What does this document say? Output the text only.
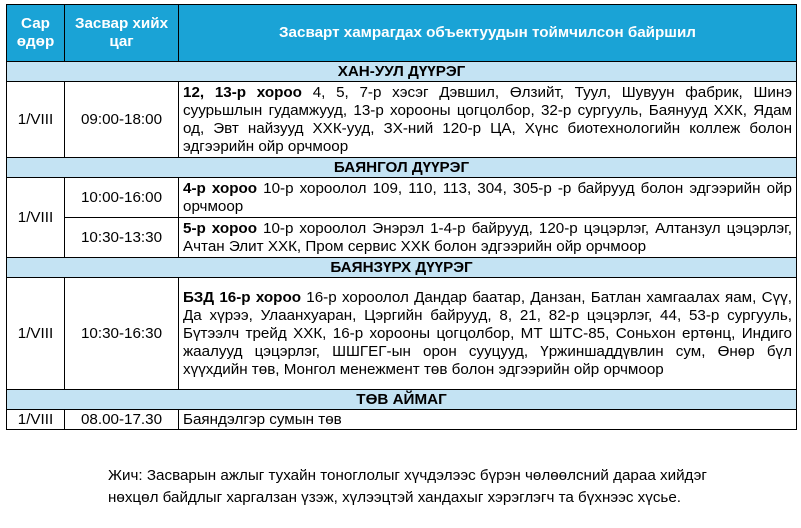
Сар өдөр	Засвар хийх цаг	Засварт хамрагдах объектуудын тоймчилсон байршил
ХАН-УУЛ ДҮҮРЭГ		
1/VIII	09:00-18:00	12, 13-р хороо 4, 5, 7-р хэсэг Дэвшил, Өлзийт, Туул, Шувуун фабрик, Шинэ суурьшлын гудамжууд, 13-р хорооны цогцолбор, 32-р сургууль, Баянууд ХХК, Ядам од, Эвт найзууд ХХК-ууд, ЗХ-ний 120-р ЦА, Хүнс биотехнологийн коллеж болон эдгээрийн ойр орчмоор
БАЯНГОЛ ДҮҮРЭГ		
1/VIII	10:00-16:00	4-р хороо 10-р хороолол 109, 110, 113, 304, 305-р -р байрууд болон эдгээрийн ойр орчмоор
	10:30-13:30	5-р хороо 10-р хороолол Энэрэл 1-4-р байрууд, 120-р цэцэрлэг, Алтанзул цэцэрлэг, Ачтан Элит ХХК, Пром сервис ХХК болон эдгээрийн ойр орчмоор
БАЯНЗҮРХ ДҮҮРЭГ		
1/VIII	10:30-16:30	БЗД 16-р хороо 16-р хороолол Дандар баатар, Данзан, Батлан хамгаалах яам, Сүү, Да хүрээ, Улаанхуаран, Цэргийн байрууд, 8, 21, 82-р цэцэрлэг, 44, 53-р сургууль, Бүтээлч трейд ХХК, 16-р хорооны цогцолбор, МТ ШТС-85, Соньхон ертөнц, Индиго жаалууд цэцэрлэг, ШШГЕГ-ын орон сууцууд, Үржиншаддүвлин сум, Өнөр бүл хүүхдийн төв, Монгол менежмент төв болон эдгээрийн ойр орчмоор
ТӨВ АЙМАГ		
1/VIII	08.00-17.30	Баяндэлгэр сумын төв
Жич: Засварын ажлыг тухайн тоноглолыг хүчдэлээс бүрэн чөлөөлсний дараа хийдэг нөхцөл байдлыг харгалзан үзэж, хүлээцтэй хандахыг хэрэглэгч та бүхнээс хүсье.
